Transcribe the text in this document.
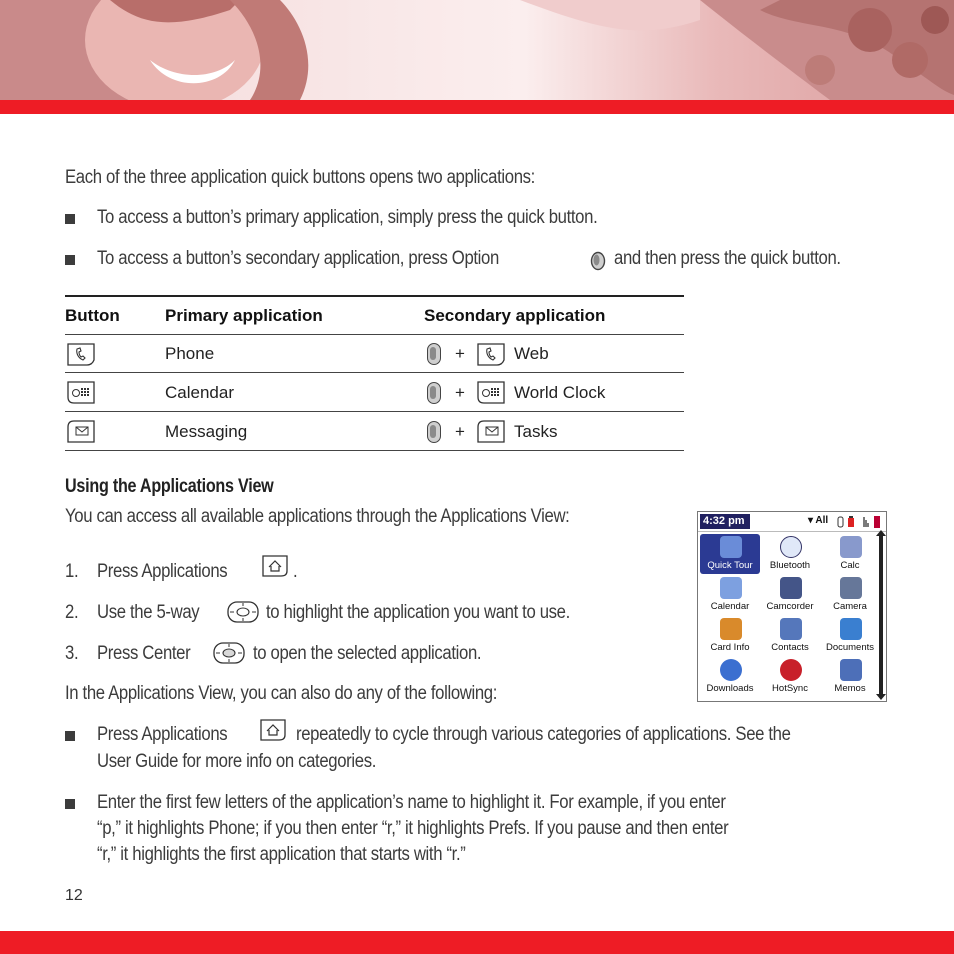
Each of the three application quick buttons opens two applications:
To access a button’s primary application, simply press the quick button.
To access a button’s secondary application, press Option	and then press the quick button.
Button	Primary application	Secondary application
Phone	+	Web
Calendar	+	World Clock
Messaging	+	Tasks
Using the Applications View
You can access all available applications through the Applications View:
1. Press Applications	.
2. Use the 5-way	to highlight the application you want to use.
3. Press Center	to open the selected application.
In the Applications View, you can also do any of the following:
Press Applications	repeatedly to cycle through various categories of applications. See the
User Guide for more info on categories.
Enter the first few letters of the application’s name to highlight it. For example, if you enter
“p,” it highlights Phone; if you then enter “r,” it highlights Prefs. If you pause and then enter
“r,” it highlights the first application that starts with “r.”
4:32 pm	▾ All
Quick Tour	Bluetooth	Calc
Calendar	Camcorder	Camera
Card Info	Contacts	Documents
Downloads	HotSync	Memos
12
